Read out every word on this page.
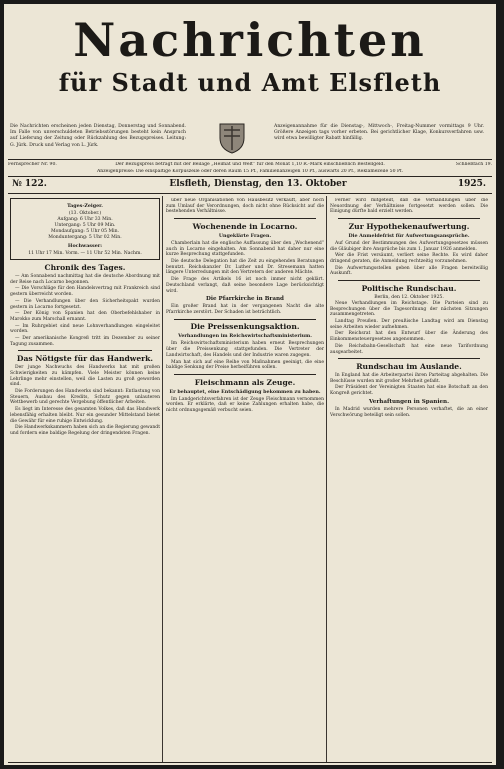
Nachrichten
für Stadt und Amt Elsfleth
Die Nachrichten erscheinen jeden Dienstag, Donnerstag und Sonnabend. Im Falle von unverschuldeten Betriebsstörungen besteht kein Anspruch auf Lieferung der Zeitung oder Rückzahlung des Bezugspreises. Leitung: G. Jürk. Druck und Verlag von L. Jürk.
Anzeigenannahme für die Dienstag-, Mittwoch-, Freitag-Nummer vormittags 9 Uhr. Größere Anzeigen tags vorher erbeten. Bei gerichtlicher Klage, Konkursverfahren usw. wird etwa bewilligter Rabatt hinfällig.
Fernsprecher Nr. 90.	Der Bezugspreis beträgt mit der Beilage „Heimat und Welt“ für den Monat 1,10 R.-Mark einschließlich Bestellgeld.	Schließfach 19.
Anzeigenpreise: Die einspaltige Korpuszeile oder deren Raum 15 Pf., Familienanzeigen 10 Pf., auswärts 20 Pf., Reklamezeile 50 Pf.
№ 122.	Elsfleth, Dienstag, den 13. Oktober	1925.
Tages-Zeiger.
(13. Oktober.)
Aufgang: 6 Uhr 33 Min.
Untergang: 5 Uhr 09 Min.
Mondaufgang: 5 Uhr 05 Min.
Monduntergang: 5 Uhr 02 Min.
Hochwasser:
11 Uhr 17 Min. Vorm. — 11 Uhr 52 Min. Nachm.
Chronik des Tages.

— Am Sonnabend nachmittag hat die deutsche Abordnung mit der Reise nach Locarno begonnen.

— Die Vorschläge für den Handelsvertrag mit Frankreich sind gestern überreicht worden.

— Die Verhandlungen über den Sicherheitspakt wurden gestern in Locarno fortgesetzt.

— Der König von Spanien hat den Oberbefehlshaber in Marokko zum Marschall ernannt.

— Im Ruhrgebiet sind neue Lohnverhandlungen eingeleitet worden.

— Der amerikanische Kongreß tritt im Dezember zu seiner Tagung zusammen.

Das Nötigste für das Handwerk.

Der junge Nachwuchs des Handwerks hat mit großen Schwierigkeiten zu kämpfen. Viele Meister können keine Lehrlinge mehr einstellen, weil die Lasten zu groß geworden sind.

Die Forderungen des Handwerks sind bekannt: Entlastung von Steuern, Ausbau des Kredits, Schutz gegen unlauteren Wettbewerb und gerechte Vergebung öffentlicher Arbeiten.

Es liegt im Interesse des gesamten Volkes, daß das Handwerk lebensfähig erhalten bleibt. Nur ein gesunder Mittelstand bietet die Gewähr für eine ruhige Entwicklung.

Die Handwerkskammern haben sich an die Regierung gewandt und fordern eine baldige Regelung der dringendsten Fragen.

über neue Organisationen von Hausbesitz verkauft, aber noch zum Umlauf der Verordnungen, doch nicht ohne Rücksicht auf die bestehenden Verhältnisse.

Wochenende in Locarno.
Ungeklärte Fragen.

Chamberlain hat die englische Auffassung über den „Wochenend“ auch in Locarno eingehalten. Am Sonnabend hat daher nur eine kurze Besprechung stattgefunden.

Die deutsche Delegation hat die Zeit zu eingehenden Beratungen benutzt. Reichskanzler Dr. Luther und Dr. Stresemann hatten längere Unterredungen mit den Vertretern der anderen Mächte.

Die Frage des Artikels 16 ist noch immer nicht geklärt. Deutschland verlangt, daß seine besondere Lage berücksichtigt wird.

Die Pfarrkirche in Brand

Ein großer Brand hat in der vergangenen Nacht die alte Pfarrkirche zerstört. Der Schaden ist beträchtlich.

Die Preissenkungsaktion.
Verhandlungen im Reichswirtschaftsministerium.

Im Reichswirtschaftsministerium haben erneut Besprechungen über die Preissenkung stattgefunden. Die Vertreter der Landwirtschaft, des Handels und der Industrie waren zugegen.

Man hat sich auf eine Reihe von Maßnahmen geeinigt, die eine baldige Senkung der Preise herbeiführen sollen.

Fleischmann als Zeuge.
Er behauptet, eine Entschädigung bekommen zu haben.

Im Landgerichtsverfahren ist der Zeuge Fleischmann vernommen worden. Er erklärte, daß er keine Zahlungen erhalten habe, die nicht ordnungsgemäß verbucht seien.

Ferner wird mitgeteilt, daß die Verhandlungen über die Neuordnung der Verhältnisse fortgesetzt werden sollen. Die Einigung dürfte bald erzielt werden.

Zur Hypothekenaufwertung.
Die Anmeldefrist für Aufwertungsansprüche.

Auf Grund der Bestimmungen des Aufwertungsgesetzes müssen die Gläubiger ihre Ansprüche bis zum 1. Januar 1926 anmelden.

Wer die Frist versäumt, verliert seine Rechte. Es wird daher dringend geraten, die Anmeldung rechtzeitig vorzunehmen.

Die Aufwertungsstellen geben über alle Fragen bereitwillig Auskunft.

Politische Rundschau.
Berlin, den 12. Oktober 1925.

Neue Verhandlungen im Reichstage. Die Parteien sind zu Besprechungen über die Tagesordnung der nächsten Sitzungen zusammengetreten.

Landtag Preußen. Der preußische Landtag wird am Dienstag seine Arbeiten wieder aufnehmen.

Der Reichsrat hat den Entwurf über die Änderung des Einkommensteuergesetzes angenommen.

Die Reichsbahn-Gesellschaft hat eine neue Tarifordnung ausgearbeitet.

Rundschau im Auslande.

In England hat die Arbeiterpartei ihren Parteitag abgehalten. Die Beschlüsse wurden mit großer Mehrheit gefaßt.

Der Präsident der Vereinigten Staaten hat eine Botschaft an den Kongreß gerichtet.

Verhaftungen in Spanien.

In Madrid wurden mehrere Personen verhaftet, die an einer Verschwörung beteiligt sein sollen.
